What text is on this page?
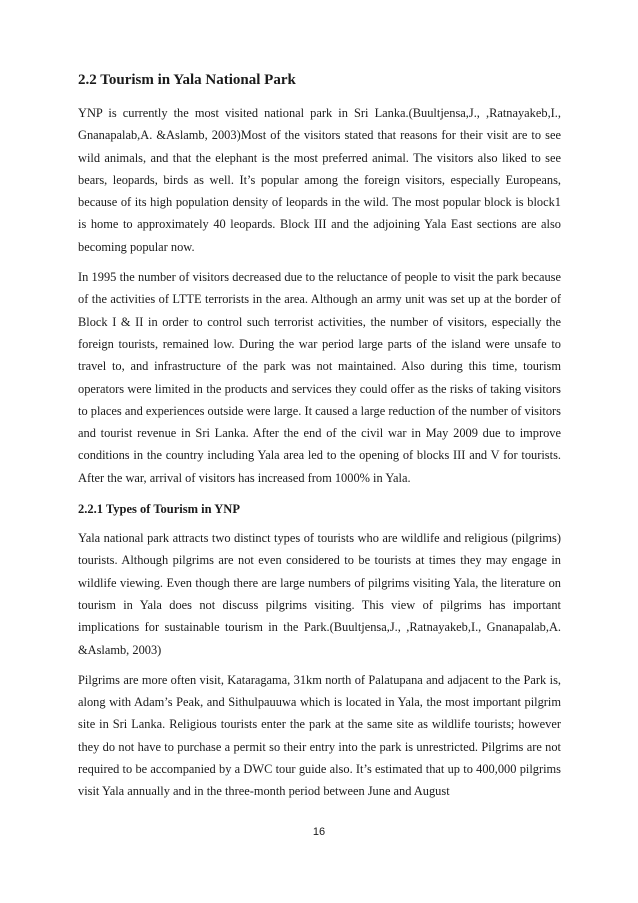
2.2 Tourism in Yala National Park

YNP is currently the most visited national park in Sri Lanka.(Buultjensa,J., ,Ratnayakeb,I., Gnanapalab,A. &Aslamb, 2003)Most of the visitors stated that reasons for their visit are to see wild animals, and that the elephant is the most preferred animal. The visitors also liked to see bears, leopards, birds as well. It’s popular among the foreign visitors, especially Europeans, because of its high population density of leopards in the wild. The most popular block is block1 is home to approximately 40 leopards. Block III and the adjoining Yala East sections are also becoming popular now.

In 1995 the number of visitors decreased due to the reluctance of people to visit the park because of the activities of LTTE terrorists in the area. Although an army unit was set up at the border of Block I & II in order to control such terrorist activities, the number of visitors, especially the foreign tourists, remained low. During the war period large parts of the island were unsafe to travel to, and infrastructure of the park was not maintained. Also during this time, tourism operators were limited in the products and services they could offer as the risks of taking visitors to places and experiences outside were large. It caused a large reduction of the number of visitors and tourist revenue in Sri Lanka. After the end of the civil war in May 2009 due to improve conditions in the country including Yala area led to the opening of blocks III and V for tourists. After the war, arrival of visitors has increased from 1000% in Yala.

2.2.1 Types of Tourism in YNP

Yala national park attracts two distinct types of tourists who are wildlife and religious (pilgrims) tourists. Although pilgrims are not even considered to be tourists at times they may engage in wildlife viewing. Even though there are large numbers of pilgrims visiting Yala, the literature on tourism in Yala does not discuss pilgrims visiting. This view of pilgrims has important implications for sustainable tourism in the Park.(Buultjensa,J., ,Ratnayakeb,I., Gnanapalab,A. &Aslamb, 2003)

Pilgrims are more often visit, Kataragama, 31km north of Palatupana and adjacent to the Park is, along with Adam’s Peak, and Sithulpauuwa which is located in Yala, the most important pilgrim site in Sri Lanka. Religious tourists enter the park at the same site as wildlife tourists; however they do not have to purchase a permit so their entry into the park is unrestricted. Pilgrims are not required to be accompanied by a DWC tour guide also. It’s estimated that up to 400,000 pilgrims visit Yala annually and in the three-month period between June and August

16
